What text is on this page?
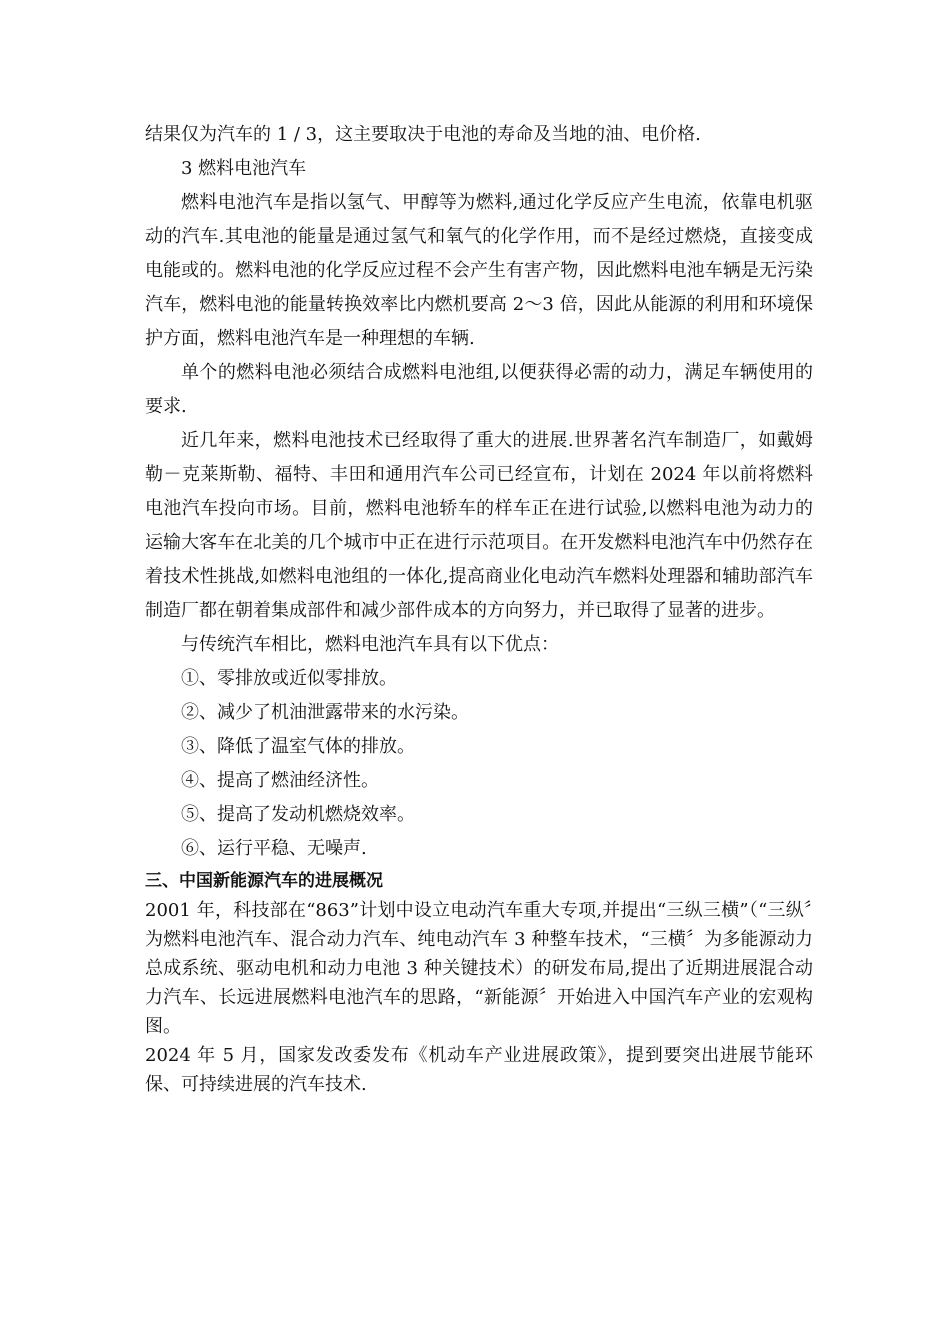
结果仅为汽车的 1 / 3，这主要取决于电池的寿命及当地的油、电价格.

3 燃料电池汽车

燃料电池汽车是指以氢气、甲醇等为燃料,通过化学反应产生电流，依靠电机驱动的汽车.其电池的能量是通过氢气和氧气的化学作用，而不是经过燃烧，直接变成电能或的。燃料电池的化学反应过程不会产生有害产物，因此燃料电池车辆是无污染汽车，燃料电池的能量转换效率比内燃机要高 2～3 倍，因此从能源的利用和环境保护方面，燃料电池汽车是一种理想的车辆.

单个的燃料电池必须结合成燃料电池组,以便获得必需的动力，满足车辆使用的要求.

近几年来，燃料电池技术已经取得了重大的进展.世界著名汽车制造厂，如戴姆勒－克莱斯勒、福特、丰田和通用汽车公司已经宣布，计划在 2024 年以前将燃料电池汽车投向市场。目前，燃料电池轿车的样车正在进行试验,以燃料电池为动力的运输大客车在北美的几个城市中正在进行示范项目。在开发燃料电池汽车中仍然存在着技术性挑战,如燃料电池组的一体化,提高商业化电动汽车燃料处理器和辅助部汽车制造厂都在朝着集成部件和减少部件成本的方向努力，并已取得了显著的进步。

与传统汽车相比，燃料电池汽车具有以下优点：

①、零排放或近似零排放。

②、减少了机油泄露带来的水污染。

③、降低了温室气体的排放。

④、提高了燃油经济性。

⑤、提高了发动机燃烧效率。

⑥、运行平稳、无噪声.

三、中国新能源汽车的进展概况

2001 年，科技部在“863”计划中设立电动汽车重大专项,并提出“三纵三横”（“三纵〞为燃料电池汽车、混合动力汽车、纯电动汽车 3 种整车技术，“三横〞为多能源动力总成系统、驱动电机和动力电池 3 种关键技术）的研发布局,提出了近期进展混合动力汽车、长远进展燃料电池汽车的思路，“新能源〞开始进入中国汽车产业的宏观构图。

2024 年 5 月，国家发改委发布《机动车产业进展政策》，提到要突出进展节能环保、可持续进展的汽车技术.
